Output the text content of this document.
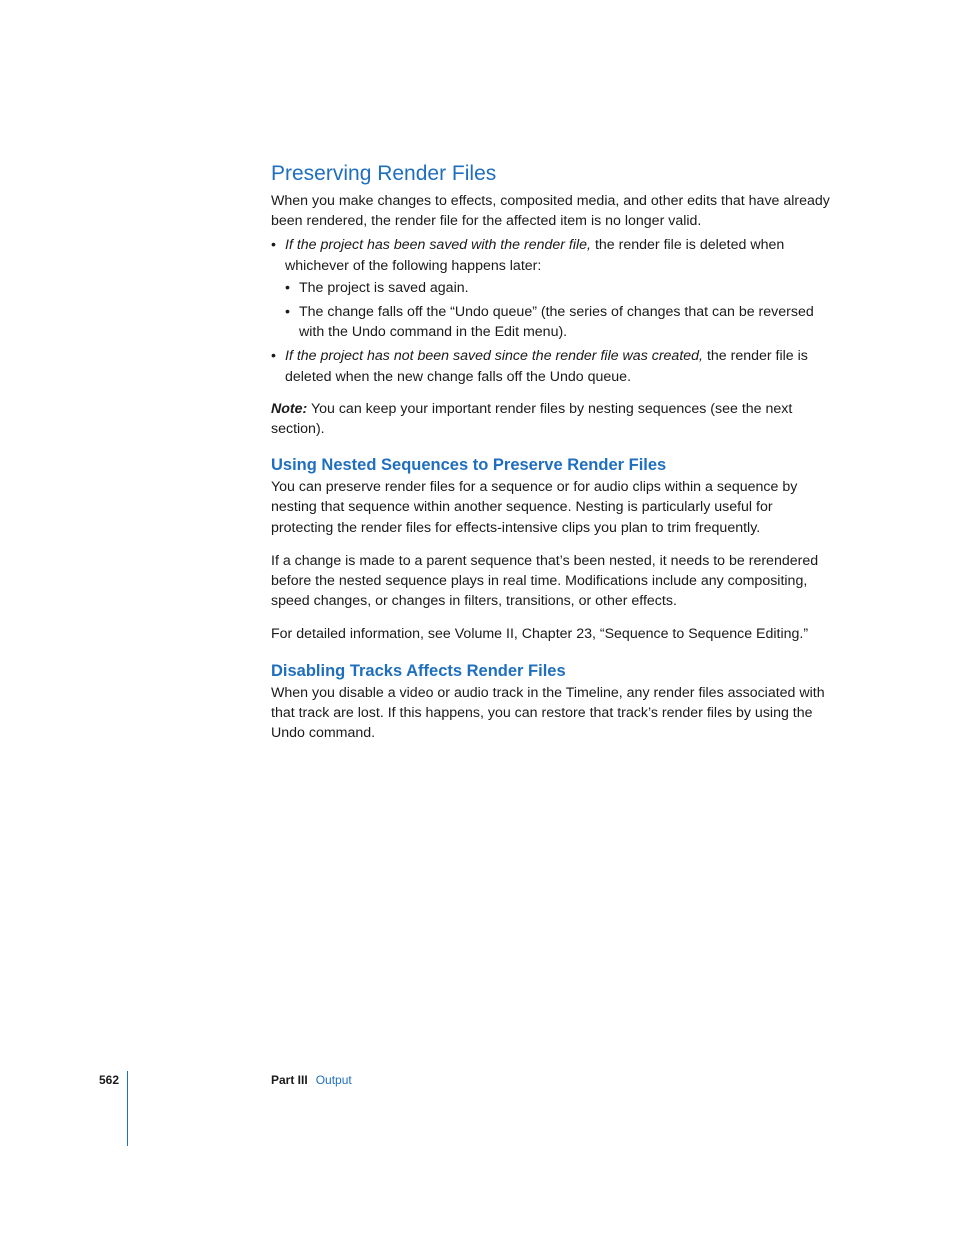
Preserving Render Files

When you make changes to effects, composited media, and other edits that have already been rendered, the render file for the affected item is no longer valid.

• If the project has been saved with the render file, the render file is deleted when whichever of the following happens later:
• The project is saved again.
• The change falls off the “Undo queue” (the series of changes that can be reversed with the Undo command in the Edit menu).
• If the project has not been saved since the render file was created, the render file is deleted when the new change falls off the Undo queue.

Note: You can keep your important render files by nesting sequences (see the next section).

Using Nested Sequences to Preserve Render Files

You can preserve render files for a sequence or for audio clips within a sequence by nesting that sequence within another sequence. Nesting is particularly useful for protecting the render files for effects-intensive clips you plan to trim frequently.

If a change is made to a parent sequence that’s been nested, it needs to be rerendered before the nested sequence plays in real time. Modifications include any compositing, speed changes, or changes in filters, transitions, or other effects.

For detailed information, see Volume II, Chapter 23, “Sequence to Sequence Editing.”

Disabling Tracks Affects Render Files

When you disable a video or audio track in the Timeline, any render files associated with that track are lost. If this happens, you can restore that track’s render files by using the Undo command.

562	Part III Output
